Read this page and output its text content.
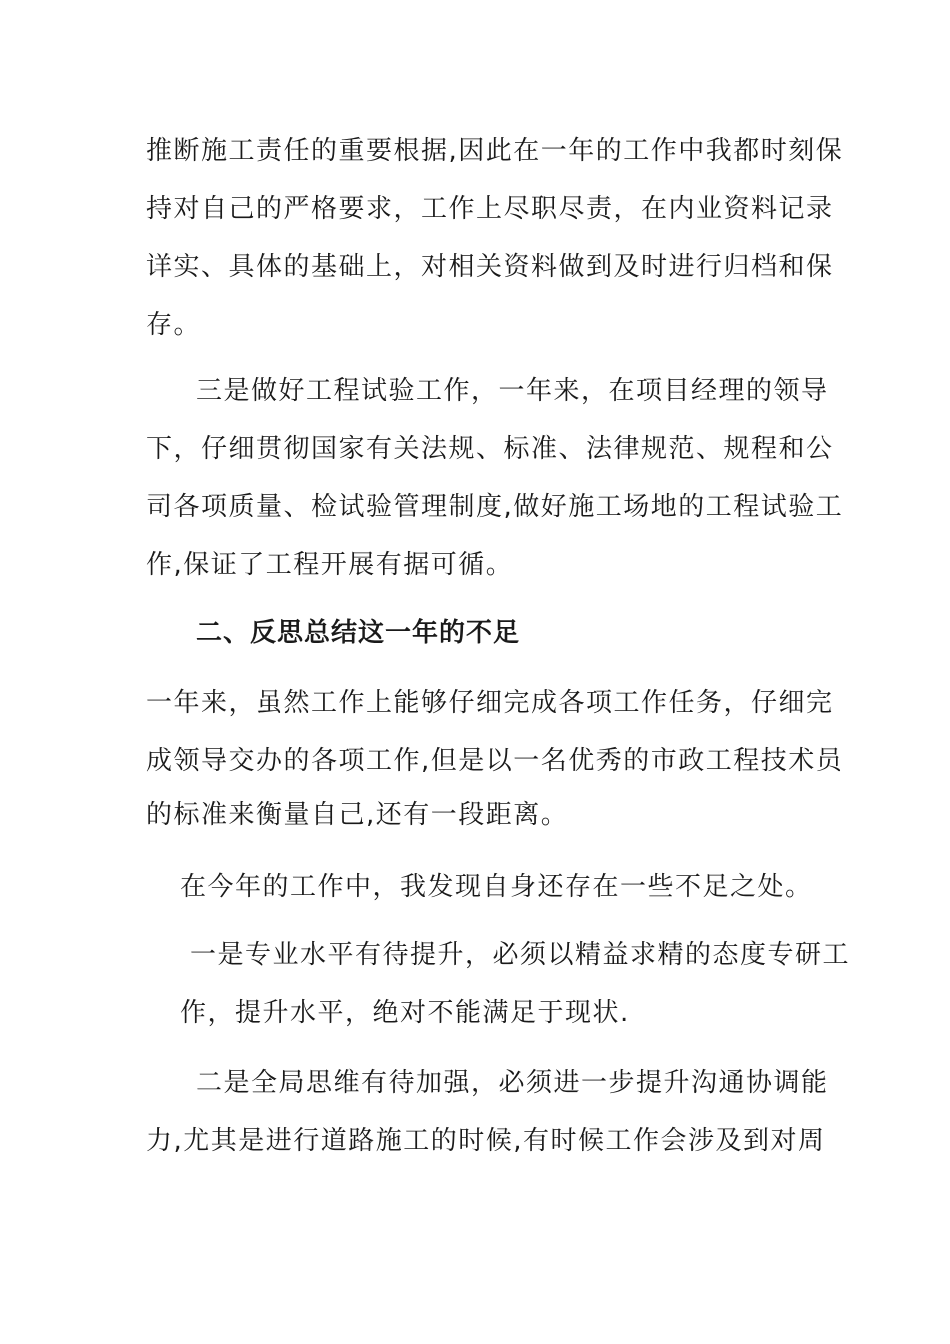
推断施工责任的重要根据,因此在一年的工作中我都时刻保
持对自己的严格要求，工作上尽职尽责，在内业资料记录
详实、具体的基础上，对相关资料做到及时进行归档和保
存。
三是做好工程试验工作，一年来，在项目经理的领导
下，仔细贯彻国家有关法规、标准、法律规范、规程和公
司各项质量、检试验管理制度,做好施工场地的工程试验工
作,保证了工程开展有据可循。
二、反思总结这一年的不足
一年来，虽然工作上能够仔细完成各项工作任务，仔细完
成领导交办的各项工作,但是以一名优秀的市政工程技术员
的标准来衡量自己,还有一段距离。
在今年的工作中，我发现自身还存在一些不足之处。
一是专业水平有待提升，必须以精益求精的态度专研工
作，提升水平，绝对不能满足于现状.
二是全局思维有待加强，必须进一步提升沟通协调能
力,尤其是进行道路施工的时候,有时候工作会涉及到对周
